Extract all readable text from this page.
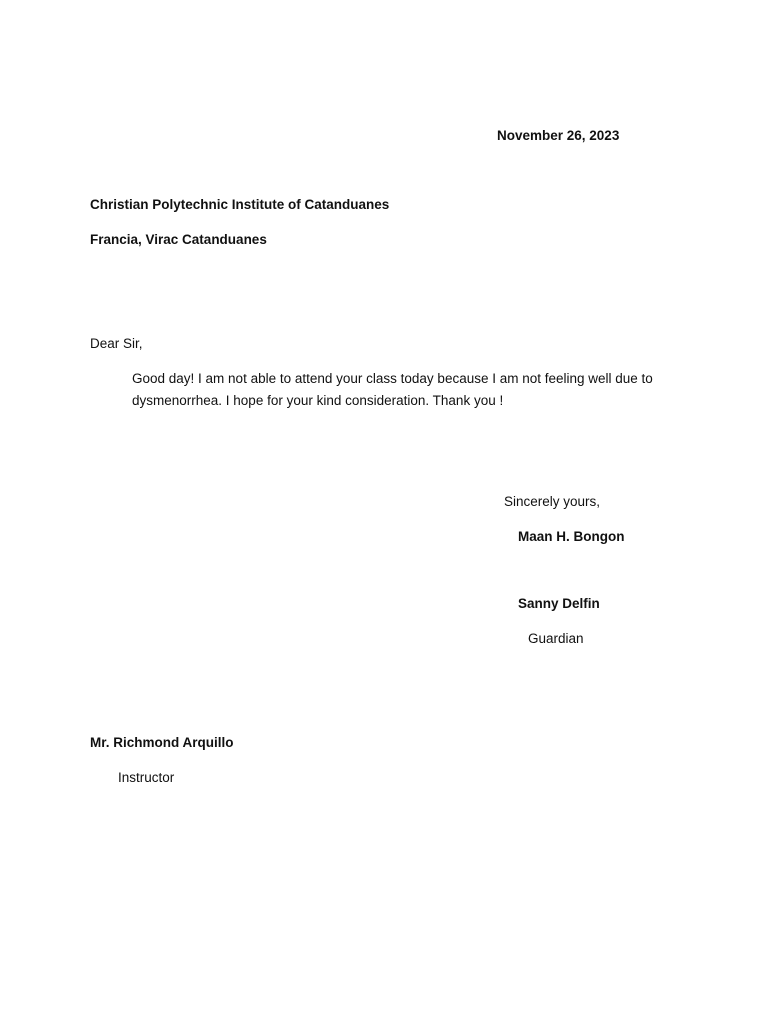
November 26, 2023

Christian Polytechnic Institute of Catanduanes

Francia, Virac Catanduanes

Dear Sir,

Good day! I am not able to attend your class today because I am not feeling well due to dysmenorrhea. I hope for your kind consideration. Thank you !

Sincerely yours,

Maan H. Bongon

Sanny Delfin

Guardian

Mr. Richmond Arquillo

Instructor
